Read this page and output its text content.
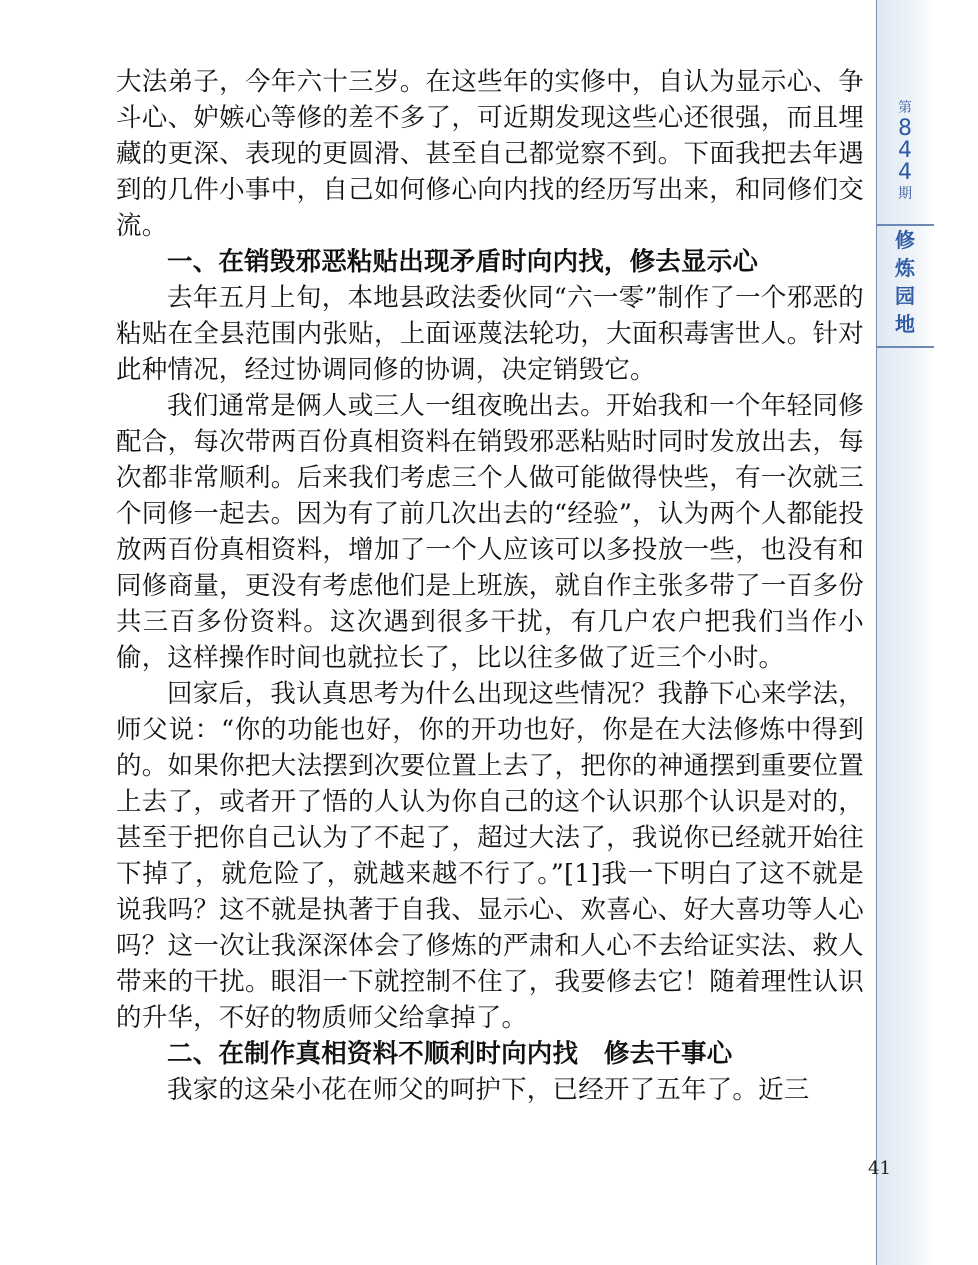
第
8
4
4
期
修
炼
园
地

大法弟子，今年六十三岁。在这些年的实修中，自认为显示心、争斗心、妒嫉心等修的差不多了，可近期发现这些心还很强，而且埋藏的更深、表现的更圆滑、甚至自己都觉察不到。下面我把去年遇到的几件小事中，自己如何修心向内找的经历写出来，和同修们交流。

一、在销毁邪恶粘贴出现矛盾时向内找，修去显示心

去年五月上旬，本地县政法委伙同“六一零”制作了一个邪恶的粘贴在全县范围内张贴，上面诬蔑法轮功，大面积毒害世人。针对此种情况，经过协调同修的协调，决定销毁它。

我们通常是俩人或三人一组夜晚出去。开始我和一个年轻同修配合，每次带两百份真相资料在销毁邪恶粘贴时同时发放出去，每次都非常顺利。后来我们考虑三个人做可能做得快些，有一次就三个同修一起去。因为有了前几次出去的“经验”，认为两个人都能投放两百份真相资料，增加了一个人应该可以多投放一些，也没有和同修商量，更没有考虑他们是上班族，就自作主张多带了一百多份共三百多份资料。这次遇到很多干扰，有几户农户把我们当作小偷，这样操作时间也就拉长了，比以往多做了近三个小时。

回家后，我认真思考为什么出现这些情况？我静下心来学法，师父说：“你的功能也好，你的开功也好，你是在大法修炼中得到的。如果你把大法摆到次要位置上去了，把你的神通摆到重要位置上去了，或者开了悟的人认为你自己的这个认识那个认识是对的，甚至于把你自己认为了不起了，超过大法了，我说你已经就开始往下掉了，就危险了，就越来越不行了。”[1]我一下明白了这不就是说我吗？这不就是执著于自我、显示心、欢喜心、好大喜功等人心吗？这一次让我深深体会了修炼的严肃和人心不去给证实法、救人带来的干扰。眼泪一下就控制不住了，我要修去它！随着理性认识的升华，不好的物质师父给拿掉了。

二、在制作真相资料不顺利时向内找　修去干事心

我家的这朵小花在师父的呵护下，已经开了五年了。近三

41
